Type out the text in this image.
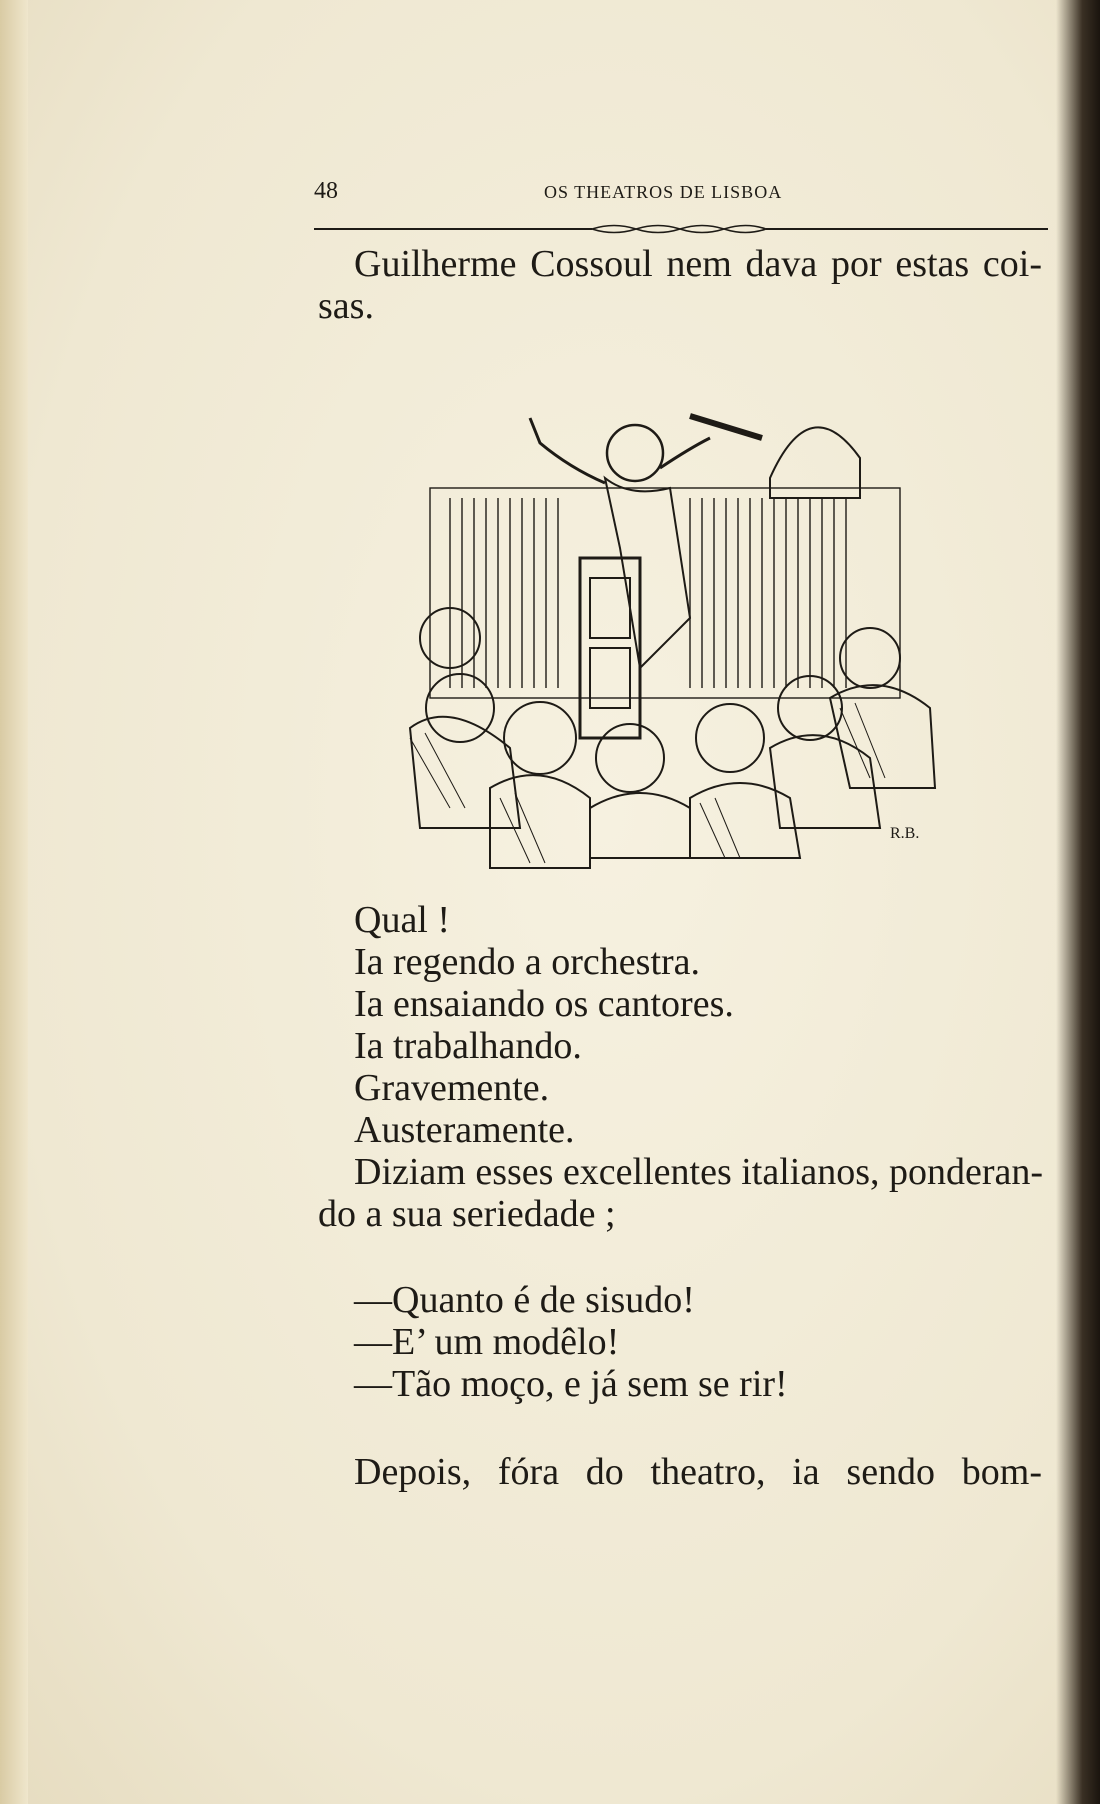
48	OS THEATROS DE LISBOA
Guilherme Cossoul nem dava por estas coi-
sas.
R.B.
Qual !
Ia regendo a orchestra.
Ia ensaiando os cantores.
Ia trabalhando.
Gravemente.
Austeramente.
Diziam esses excellentes italianos, ponderan-
do a sua seriedade ;
—Quanto é de sisudo!
—E’ um modêlo!
—Tão moço, e já sem se rir!
Depois, fóra do theatro, ia sendo bom-
